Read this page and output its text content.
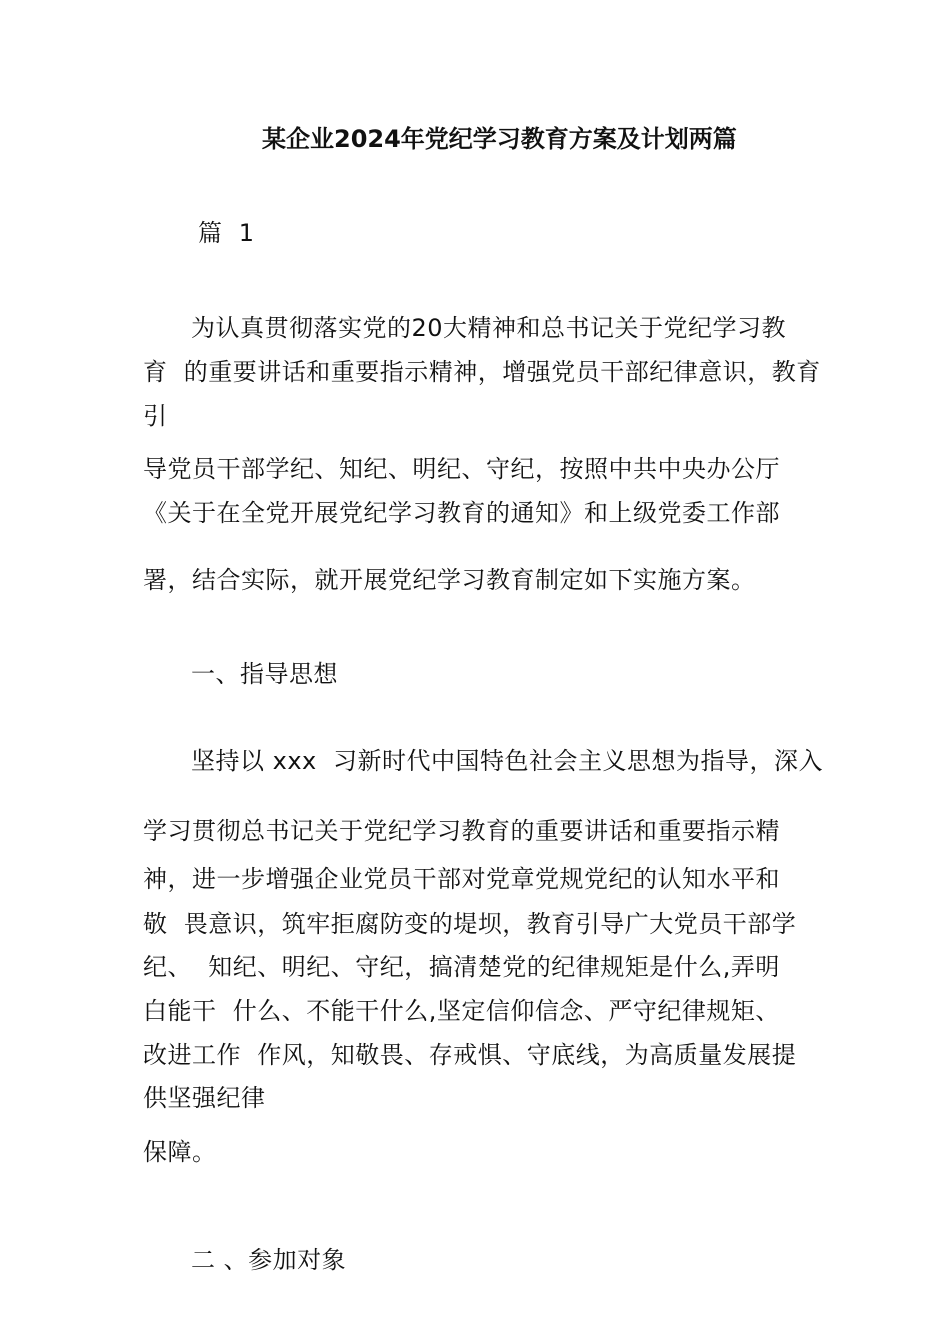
某企业2024年党纪学习教育方案及计划两篇
篇  1
为认真贯彻落实党的20大精神和总书记关于党纪学习教
育  的重要讲话和重要指示精神，增强党员干部纪律意识，教育
引
导党员干部学纪、知纪、明纪、守纪，按照中共中央办公厅
《关于在全党开展党纪学习教育的通知》和上级党委工作部
署，结合实际，就开展党纪学习教育制定如下实施方案。
一、指导思想
坚持以 xxx  习新时代中国特色社会主义思想为指导，深入
学习贯彻总书记关于党纪学习教育的重要讲话和重要指示精
神，进一步增强企业党员干部对党章党规党纪的认知水平和
敬  畏意识，筑牢拒腐防变的堤坝，教育引导广大党员干部学
纪、  知纪、明纪、守纪，搞清楚党的纪律规矩是什么,弄明
白能干  什么、不能干什么,坚定信仰信念、严守纪律规矩、
改进工作  作风，知敬畏、存戒惧、守底线，为高质量发展提
供坚强纪律
保障。
二 、参加对象
